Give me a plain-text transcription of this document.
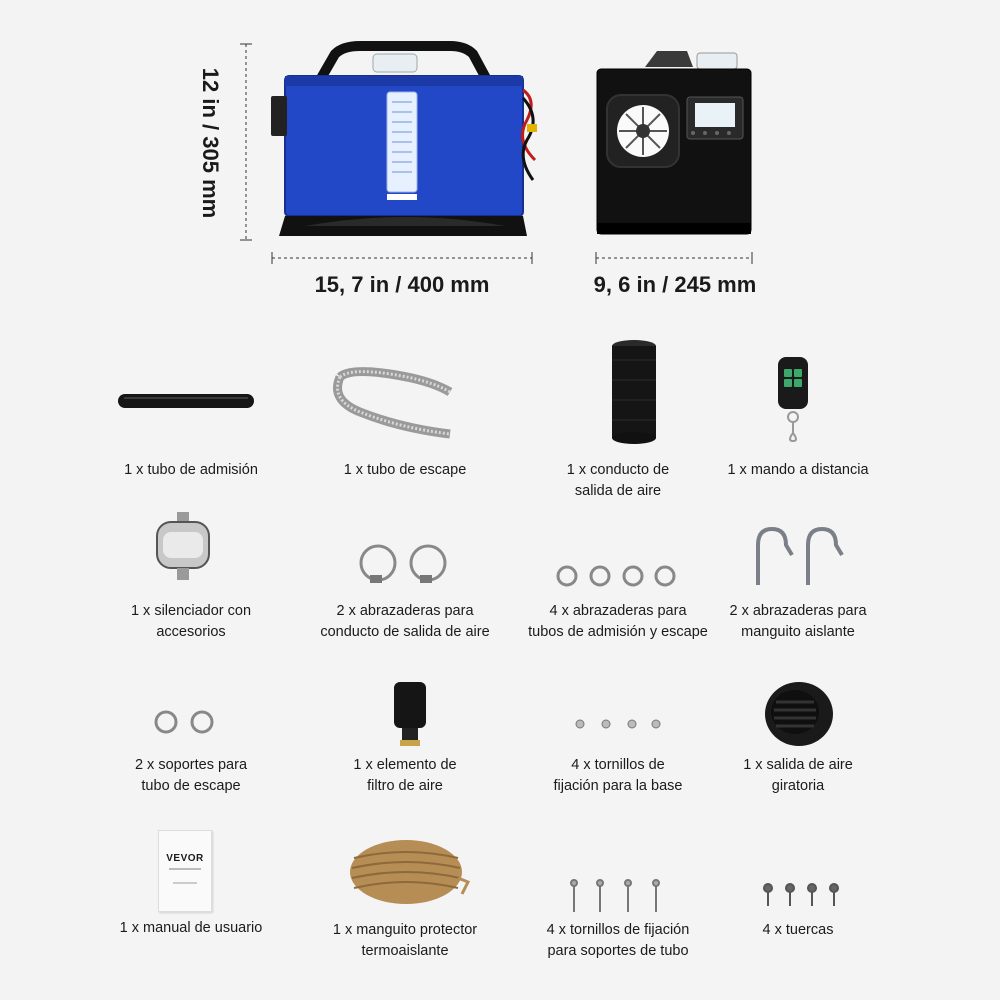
12 in / 305 mm
15, 7 in / 400 mm	9, 6 in / 245 mm
1 x tubo de admisión	1 x tubo de escape	1 x conducto de
salida de aire
1 x mando a distancia
1 x silenciador con
accesorios
2 x abrazaderas para
conducto de salida de aire
4 x abrazaderas para
tubos de admisión y escape
2 x abrazaderas para
manguito aislante
2 x soportes para
tubo de escape
1 x elemento de
filtro de aire
4 x tornillos de
fijación para la base
1 x salida de aire
giratoria
VEVOR
1 x manual de usuario	1 x manguito protector
termoaislante
4 x tornillos de fijación
para soportes de tubo
4 x tuercas
